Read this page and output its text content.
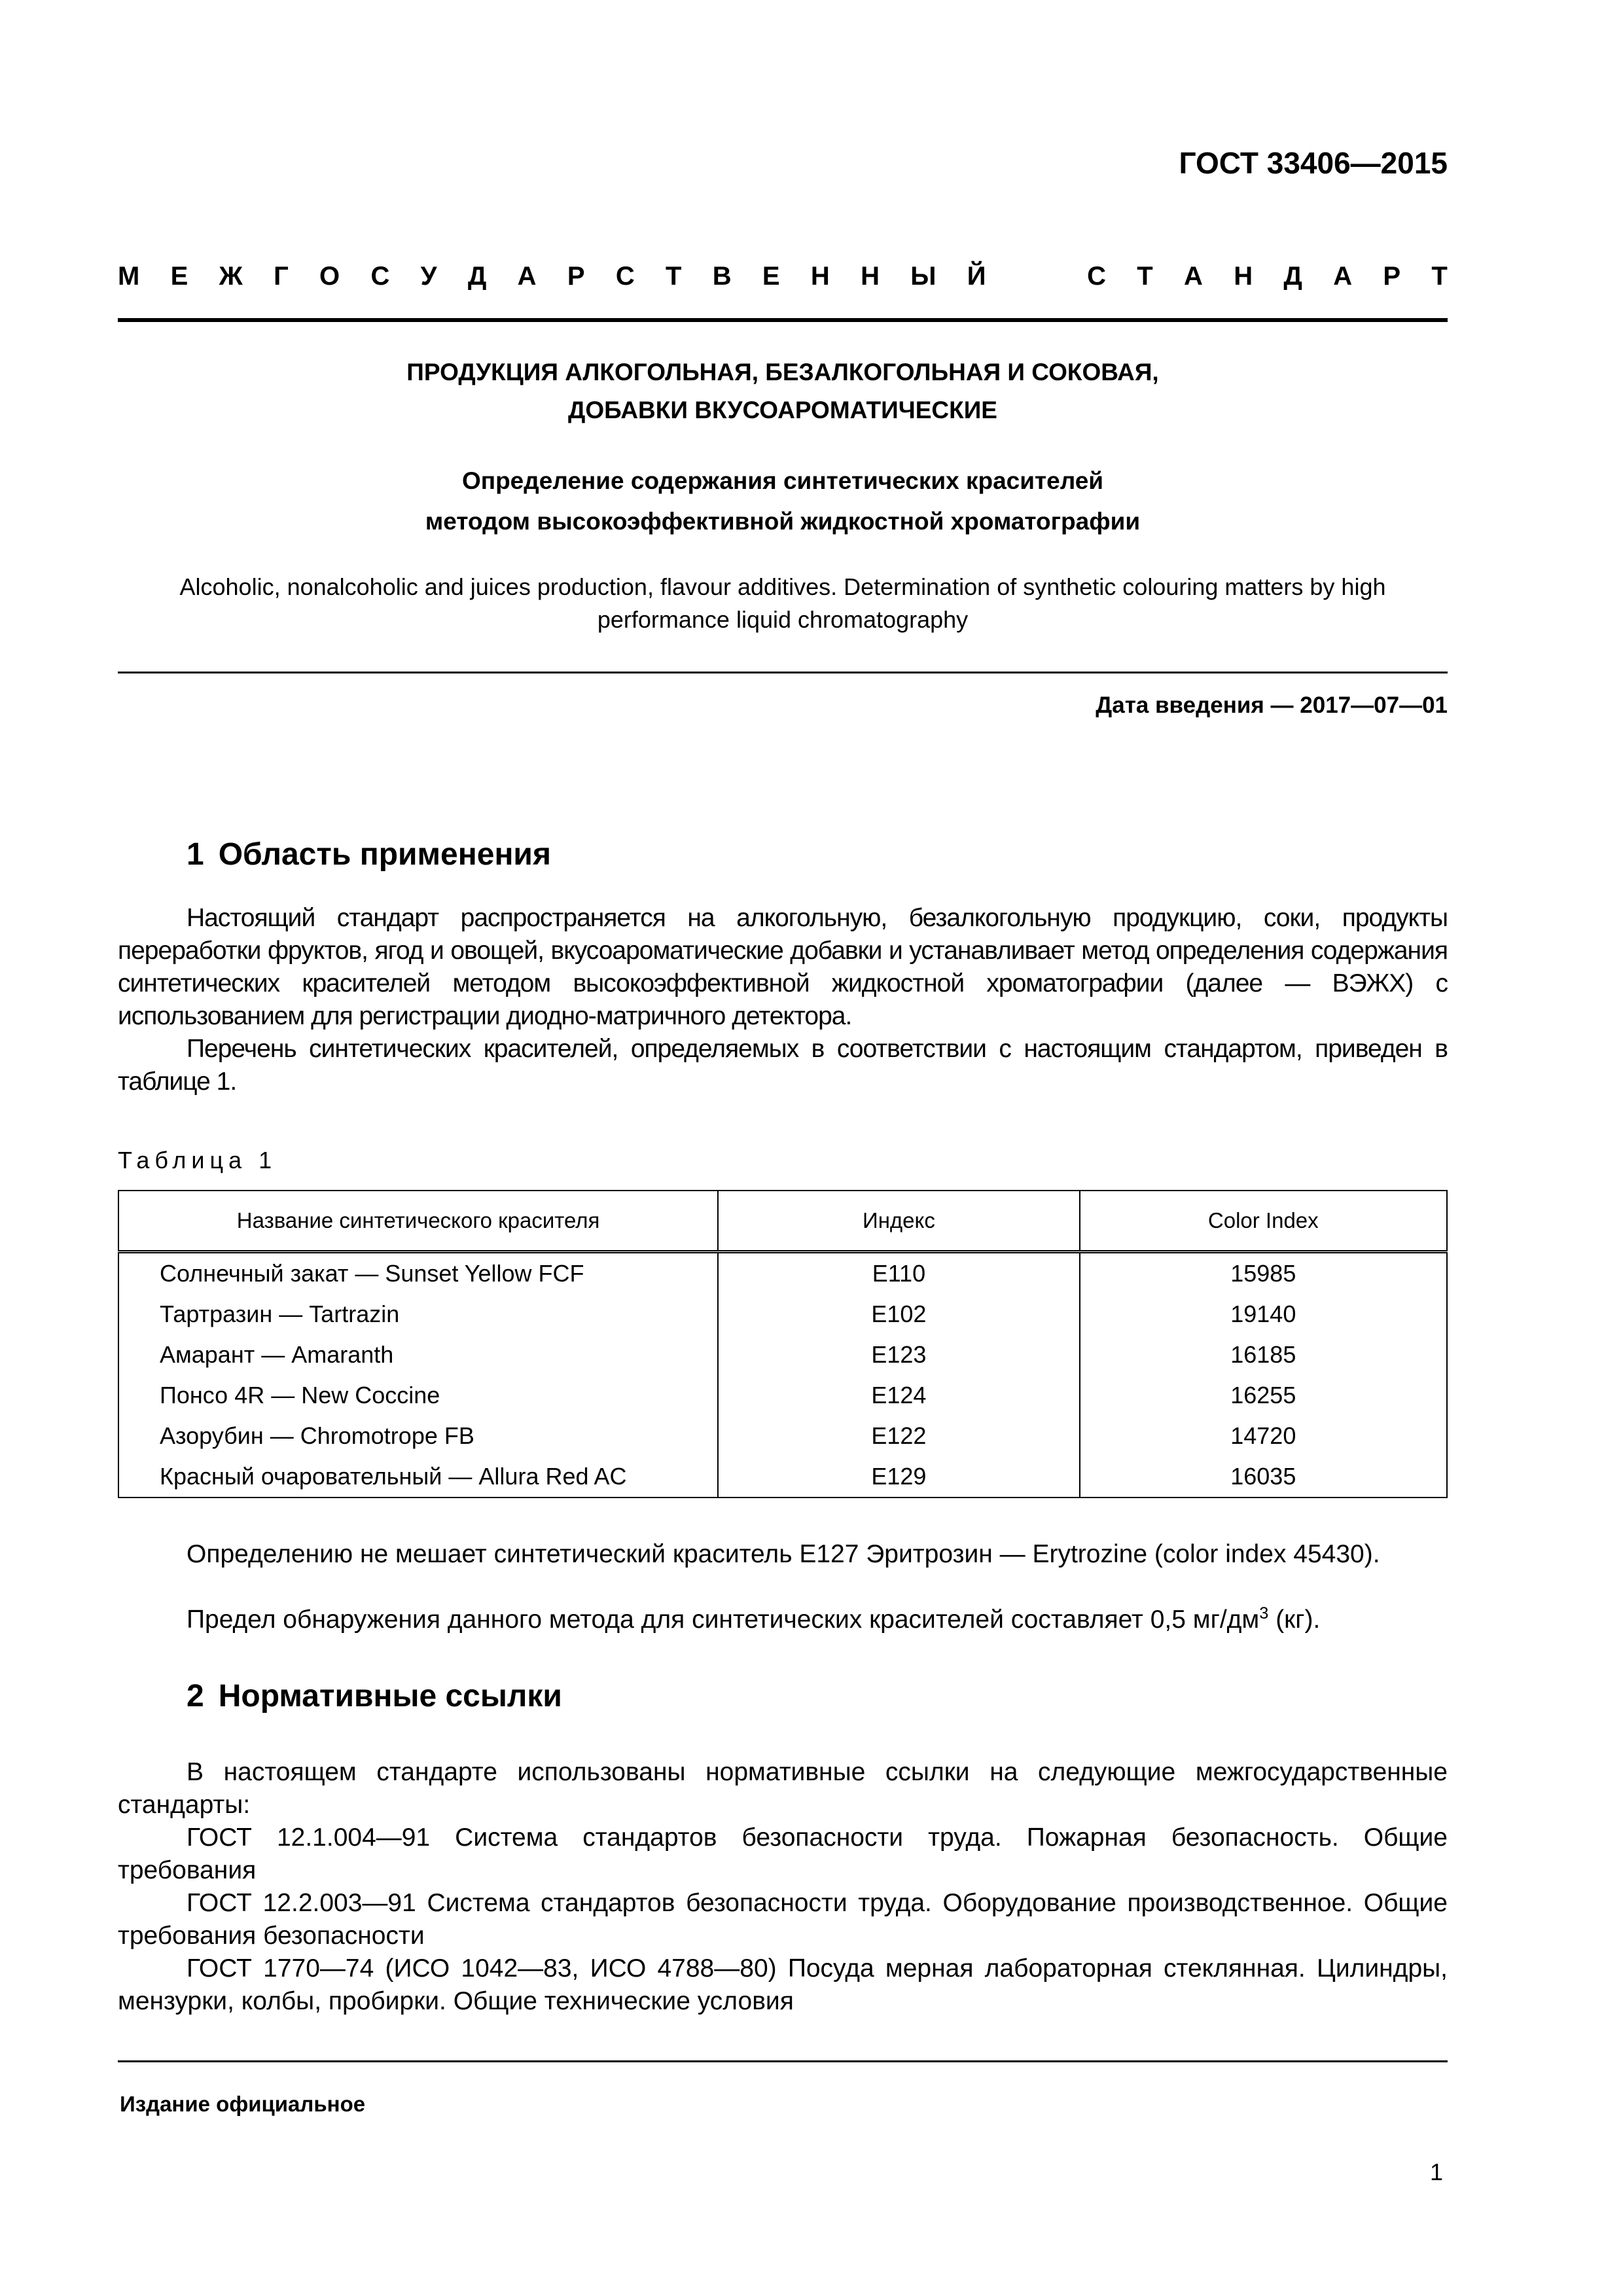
ГОСТ 33406—2015

М Е Ж Г О С У Д А Р С Т В Е Н Н Ы Й	С Т А Н Д А Р Т
ПРОДУКЦИЯ АЛКОГОЛЬНАЯ, БЕЗАЛКОГОЛЬНАЯ И СОКОВАЯ,
ДОБАВКИ ВКУСОАРОМАТИЧЕСКИЕ
Определение содержания синтетических красителей
методом высокоэффективной жидкостной хроматографии

Alcoholic, nonalcoholic and juices production, flavour additives. Determination of synthetic colouring matters by high performance liquid chromatography

Дата введения — 2017—07—01

1 Область применения

Настоящий стандарт распространяется на алкогольную, безалкогольную продукцию, соки, продукты переработки фруктов, ягод и овощей, вкусоароматические добавки и устанавливает метод определения содержания синтетических красителей методом высокоэффективной жидкостной хроматографии (далее — ВЭЖХ) с использованием для регистрации диодно-матричного детектора.

Перечень синтетических красителей, определяемых в соответствии с настоящим стандартом, приведен в таблице 1.

Таблица 1

Название синтетического красителя	Индекс	Color Index
Солнечный закат — Sunset Yellow FCF	Е110	15985
Тартразин — Tartrazin	Е102	19140
Амарант — Amaranth	Е123	16185
Понсо 4R — New Coccine	Е124	16255
Азорубин — Chromotrope FB	Е122	14720
Красный очаровательный — Allura Red AC	Е129	16035

Определению не мешает синтетический краситель Е127 Эритрозин — Erytrozine (color index 45430).

Предел обнаружения данного метода для синтетических красителей составляет 0,5 $мг/дм^3$ (кг).

2 Нормативные ссылки

В настоящем стандарте использованы нормативные ссылки на следующие межгосударственные стандарты:

ГОСТ 12.1.004—91 Система стандартов безопасности труда. Пожарная безопасность. Общие требования

ГОСТ 12.2.003—91 Система стандартов безопасности труда. Оборудование производственное. Общие требования безопасности

ГОСТ 1770—74 (ИСО 1042—83, ИСО 4788—80) Посуда мерная лабораторная стеклянная. Цилиндры, мензурки, колбы, пробирки. Общие технические условия

Издание официальное

1
